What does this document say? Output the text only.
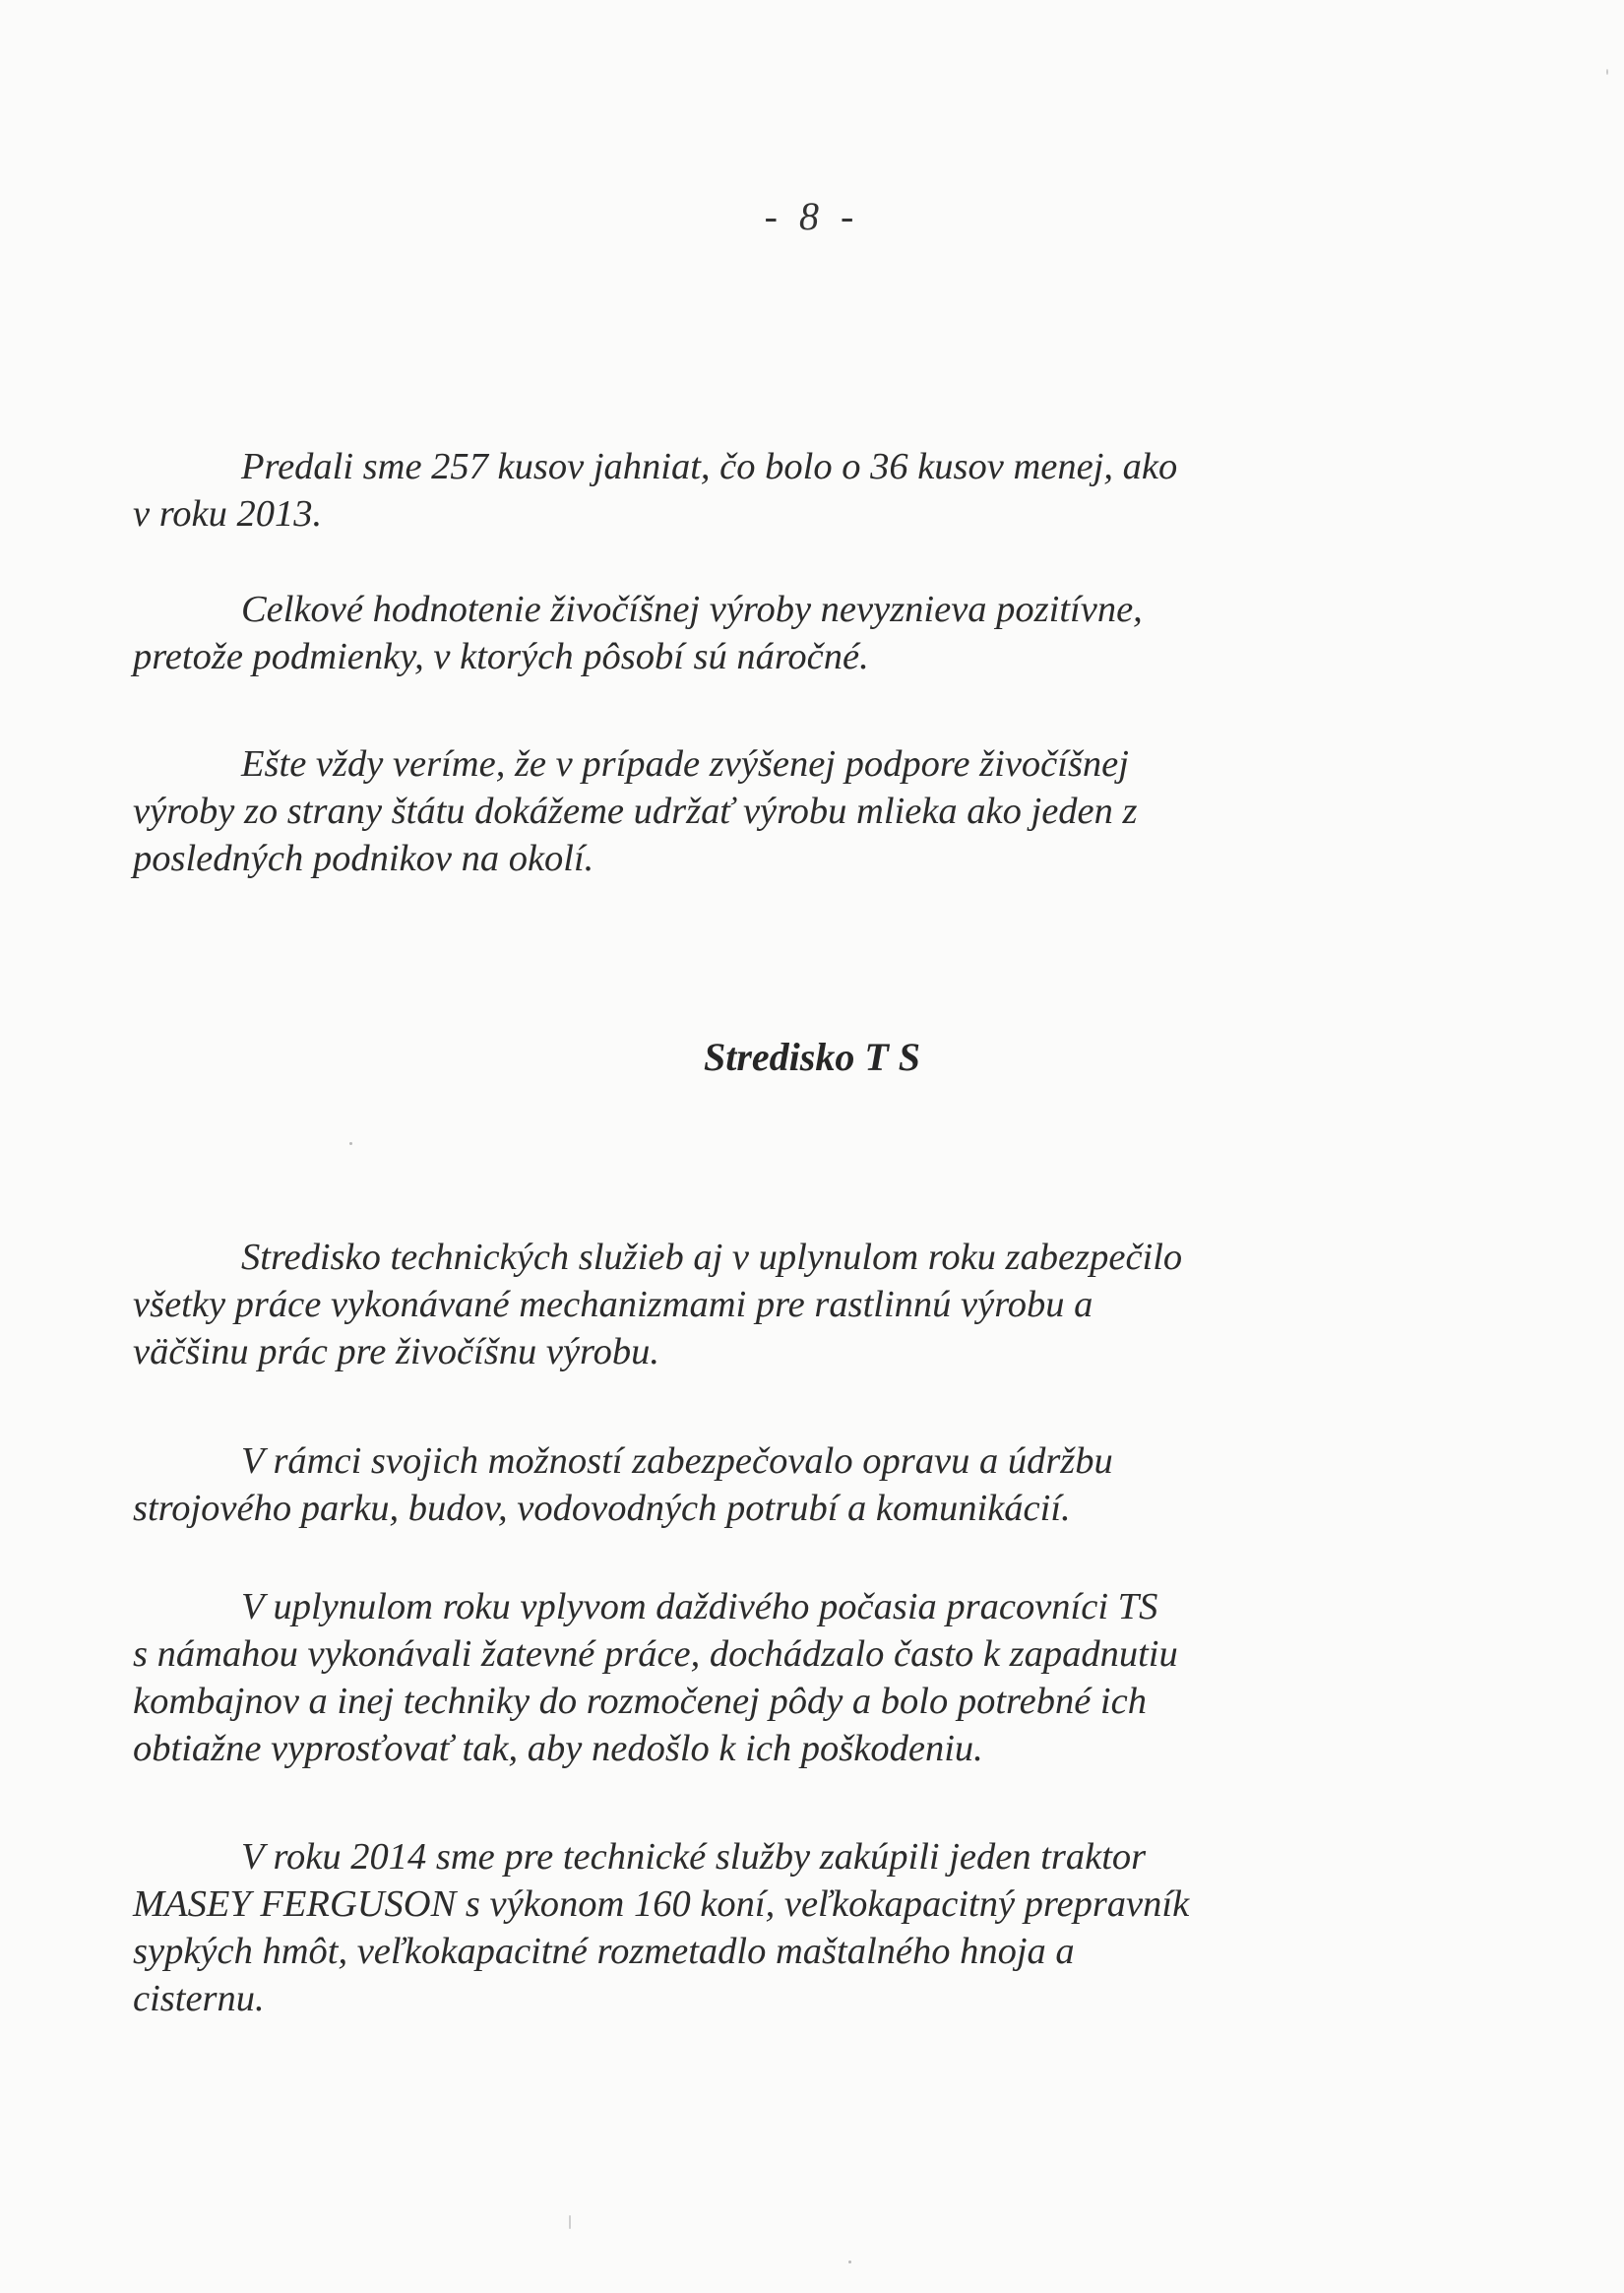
- 8 -

Predali sme 257 kusov jahniat, čo bolo o 36 kusov menej, ako
v roku 2013.

Celkové hodnotenie živočíšnej výroby nevyznieva pozitívne,
pretože podmienky, v ktorých pôsobí sú náročné.

Ešte vždy veríme, že v prípade zvýšenej podpore živočíšnej
výroby zo strany štátu dokážeme udržať výrobu mlieka ako jeden z
posledných podnikov na okolí.

Stredisko T S

Stredisko technických služieb aj v uplynulom roku zabezpečilo
všetky práce vykonávané mechanizmami pre rastlinnú výrobu a
väčšinu prác pre živočíšnu výrobu.

V rámci svojich možností zabezpečovalo opravu a údržbu
strojového parku, budov, vodovodných potrubí a komunikácií.

V uplynulom roku vplyvom daždivého počasia pracovníci TS
s námahou vykonávali žatevné práce, dochádzalo často k zapadnutiu
kombajnov a inej techniky do rozmočenej pôdy a bolo potrebné ich
obtiažne vyprosťovať tak, aby nedošlo k ich poškodeniu.

V roku 2014 sme pre technické služby zakúpili jeden traktor
MASEY FERGUSON s výkonom 160 koní, veľkokapacitný prepravník
sypkých hmôt, veľkokapacitné rozmetadlo maštalného hnoja a
cisternu.
